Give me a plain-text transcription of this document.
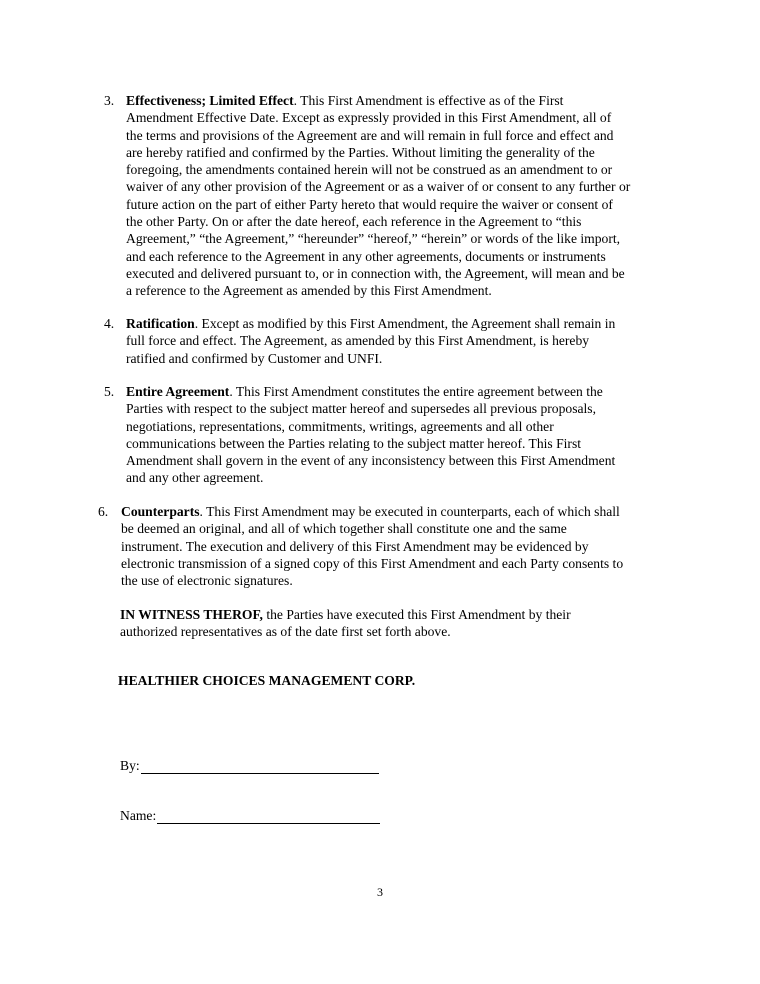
3. Effectiveness; Limited Effect. This First Amendment is effective as of the First
Amendment Effective Date. Except as expressly provided in this First Amendment, all of
the terms and provisions of the Agreement are and will remain in full force and effect and
are hereby ratified and confirmed by the Parties. Without limiting the generality of the
foregoing, the amendments contained herein will not be construed as an amendment to or
waiver of any other provision of the Agreement or as a waiver of or consent to any further or
future action on the part of either Party hereto that would require the waiver or consent of
the other Party. On or after the date hereof, each reference in the Agreement to “this
Agreement,” “the Agreement,” “hereunder” “hereof,” “herein” or words of the like import,
and each reference to the Agreement in any other agreements, documents or instruments
executed and delivered pursuant to, or in connection with, the Agreement, will mean and be
a reference to the Agreement as amended by this First Amendment.
4. Ratification. Except as modified by this First Amendment, the Agreement shall remain in
full force and effect. The Agreement, as amended by this First Amendment, is hereby
ratified and confirmed by Customer and UNFI.
5. Entire Agreement. This First Amendment constitutes the entire agreement between the
Parties with respect to the subject matter hereof and supersedes all previous proposals,
negotiations, representations, commitments, writings, agreements and all other
communications between the Parties relating to the subject matter hereof. This First
Amendment shall govern in the event of any inconsistency between this First Amendment
and any other agreement.
6. Counterparts. This First Amendment may be executed in counterparts, each of which shall
be deemed an original, and all of which together shall constitute one and the same
instrument. The execution and delivery of this First Amendment may be evidenced by
electronic transmission of a signed copy of this First Amendment and each Party consents to
the use of electronic signatures.
IN WITNESS THEROF, the Parties have executed this First Amendment by their
authorized representatives as of the date first set forth above.
HEALTHIER CHOICES MANAGEMENT CORP.
By:
Name:
3
